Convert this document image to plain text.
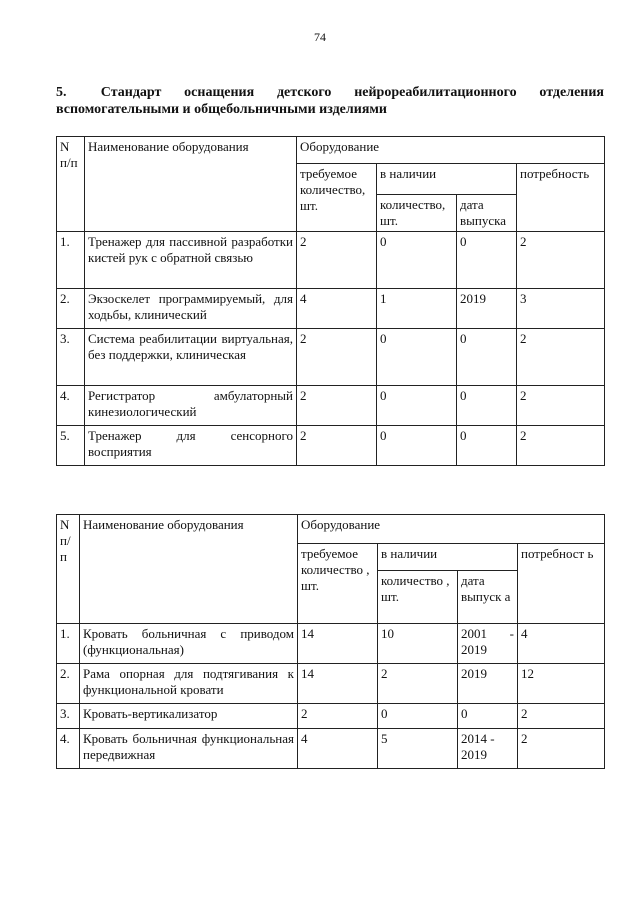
74
5. Стандарт оснащения детского нейрореабилитационного отделения вспомогательными и общебольничными изделиями
N п/п	Наименование оборудования	Оборудование			
		требуемое количество, шт.	в наличии		потребность
			количество, шт.	дата выпуска	
1.	Тренажер для пассивной разработки кистей рук с обратной связью	2	0	0	2
2.	Экзоскелет программируемый, для ходьбы, клинический	4	1	2019	3
3.	Система реабилитации виртуальная, без поддержки, клиническая	2	0	0	2
4.	Регистратор амбулаторный кинезиологический	2	0	0	2
5.	Тренажер для сенсорного восприятия	2	0	0	2
N п/ п	Наименование оборудования	Оборудование			
		требуемое количество , шт.	в наличии		потребност ь
			количество , шт.	дата выпуск а	
1.	Кровать больничная с приводом (функциональная)	14	10	2001 - 2019	4
2.	Рама опорная для подтягивания к функциональной кровати	14	2	2019	12
3.	Кровать-вертикализатор	2	0	0	2
4.	Кровать больничная функциональная передвижная	4	5	2014 - 2019	2
